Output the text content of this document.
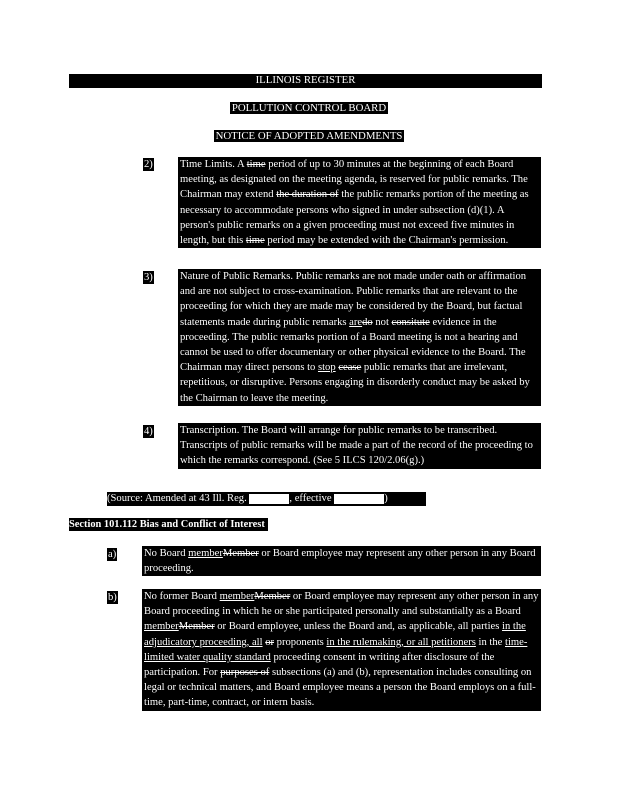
ILLINOIS REGISTER
POLLUTION CONTROL BOARD
NOTICE OF ADOPTED AMENDMENTS
2)	Time Limits. A time period of up to 30 minutes at the beginning of each Board meeting, as designated on the meeting agenda, is reserved for public remarks. The Chairman may extend the duration of the public remarks portion of the meeting as necessary to accommodate persons who signed in under subsection (d)(1). A person's public remarks on a given proceeding must not exceed five minutes in length, but this time period may be extended with the Chairman's permission.
3)	Nature of Public Remarks. Public remarks are not made under oath or affirmation and are not subject to cross-examination. Public remarks that are relevant to the proceeding for which they are made may be considered by the Board, but factual statements made during public remarks aredo not consitute evidence in the proceeding. The public remarks portion of a Board meeting is not a hearing and cannot be used to offer documentary or other physical evidence to the Board. The Chairman may direct persons to stop cease public remarks that are irrelevant, repetitious, or disruptive. Persons engaging in disorderly conduct may be asked by the Chairman to leave the meeting.
4)	Transcription. The Board will arrange for public remarks to be transcribed. Transcripts of public remarks will be made a part of the record of the proceeding to which the remarks correspond. (See 5 ILCS 120/2.06(g).)
(Source: Amended at 43 Ill. Reg.	, effective	)
Section 101.112 Bias and Conflict of Interest
a)	No Board memberMember or Board employee may represent any other person in any Board proceeding.
b)	No former Board memberMember or Board employee may represent any other person in any Board proceeding in which he or she participated personally and substantially as a Board memberMember or Board employee, unless the Board and, as applicable, all parties in the adjudicatory proceeding, all or proponents in the rulemaking, or all petitioners in the time-limited water quality standard proceeding consent in writing after disclosure of the participation. For purposes of subsections (a) and (b), representation includes consulting on legal or technical matters, and Board employee means a person the Board employs on a full-time, part-time, contract, or intern basis.
